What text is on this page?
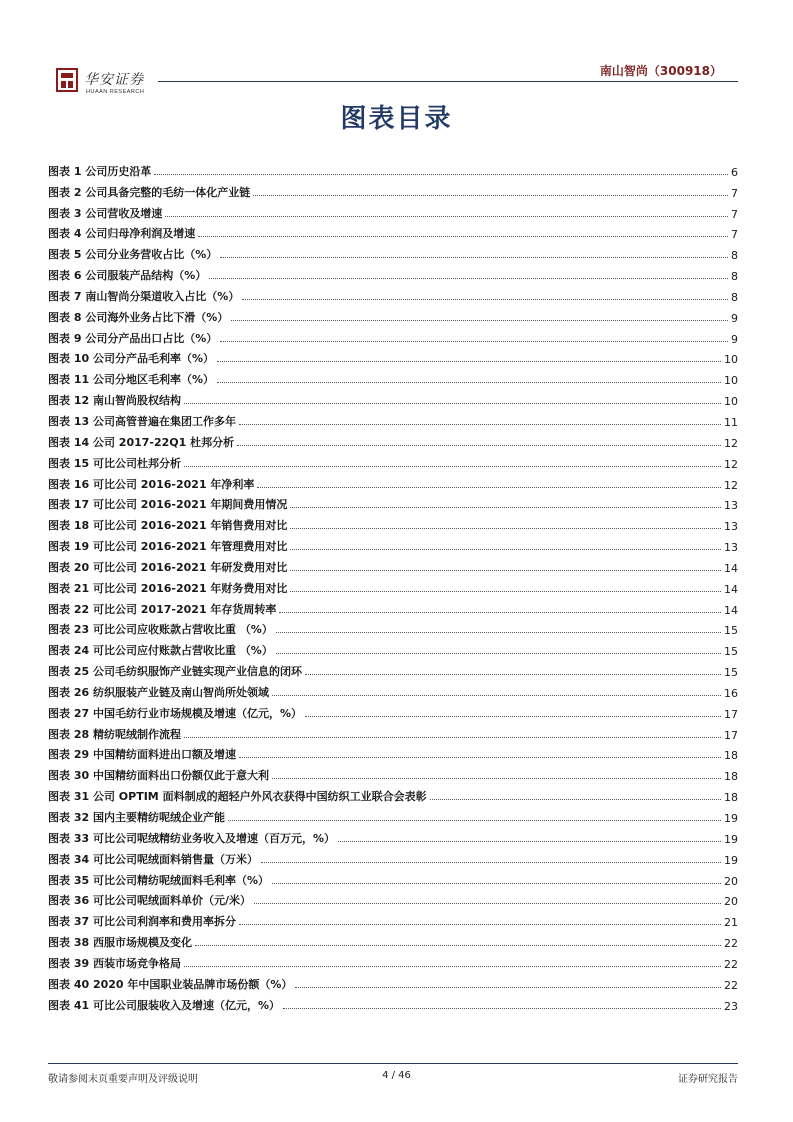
华安证券
HUAAN RESEARCH
南山智尚（300918）
图表目录
图表 1 公司历史沿革	6
图表 2 公司具备完整的毛纺一体化产业链	7
图表 3 公司营收及增速	7
图表 4 公司归母净利润及增速	7
图表 5 公司分业务营收占比（%）	8
图表 6 公司服装产品结构（%）	8
图表 7 南山智尚分渠道收入占比（%）	8
图表 8 公司海外业务占比下滑（%）	9
图表 9 公司分产品出口占比（%）	9
图表 10 公司分产品毛利率（%）	10
图表 11 公司分地区毛利率（%）	10
图表 12 南山智尚股权结构	10
图表 13 公司高管普遍在集团工作多年	11
图表 14 公司 2017-22Q1 杜邦分析	12
图表 15 可比公司杜邦分析	12
图表 16 可比公司 2016-2021 年净利率	12
图表 17 可比公司 2016-2021 年期间费用情况	13
图表 18 可比公司 2016-2021 年销售费用对比	13
图表 19 可比公司 2016-2021 年管理费用对比	13
图表 20 可比公司 2016-2021 年研发费用对比	14
图表 21 可比公司 2016-2021 年财务费用对比	14
图表 22 可比公司 2017-2021 年存货周转率	14
图表 23 可比公司应收账款占营收比重 （%）	15
图表 24 可比公司应付账款占营收比重 （%）	15
图表 25 公司毛纺织服饰产业链实现产业信息的闭环	15
图表 26 纺织服装产业链及南山智尚所处领域	16
图表 27 中国毛纺行业市场规模及增速（亿元，%）	17
图表 28 精纺呢绒制作流程	17
图表 29 中国精纺面料进出口额及增速	18
图表 30 中国精纺面料出口份额仅此于意大利	18
图表 31 公司 OPTIM 面料制成的超轻户外风衣获得中国纺织工业联合会表彰	18
图表 32 国内主要精纺呢绒企业产能	19
图表 33 可比公司呢绒精纺业务收入及增速（百万元，%）	19
图表 34 可比公司呢绒面料销售量（万米）	19
图表 35 可比公司精纺呢绒面料毛利率（%）	20
图表 36 可比公司呢绒面料单价（元/米）	20
图表 37 可比公司利润率和费用率拆分	21
图表 38 西服市场规模及变化	22
图表 39 西装市场竞争格局	22
图表 40 2020 年中国职业装品牌市场份额（%）	22
图表 41 可比公司服装收入及增速（亿元，%）	23
敬请参阅末页重要声明及评级说明	4 / 46	证券研究报告
